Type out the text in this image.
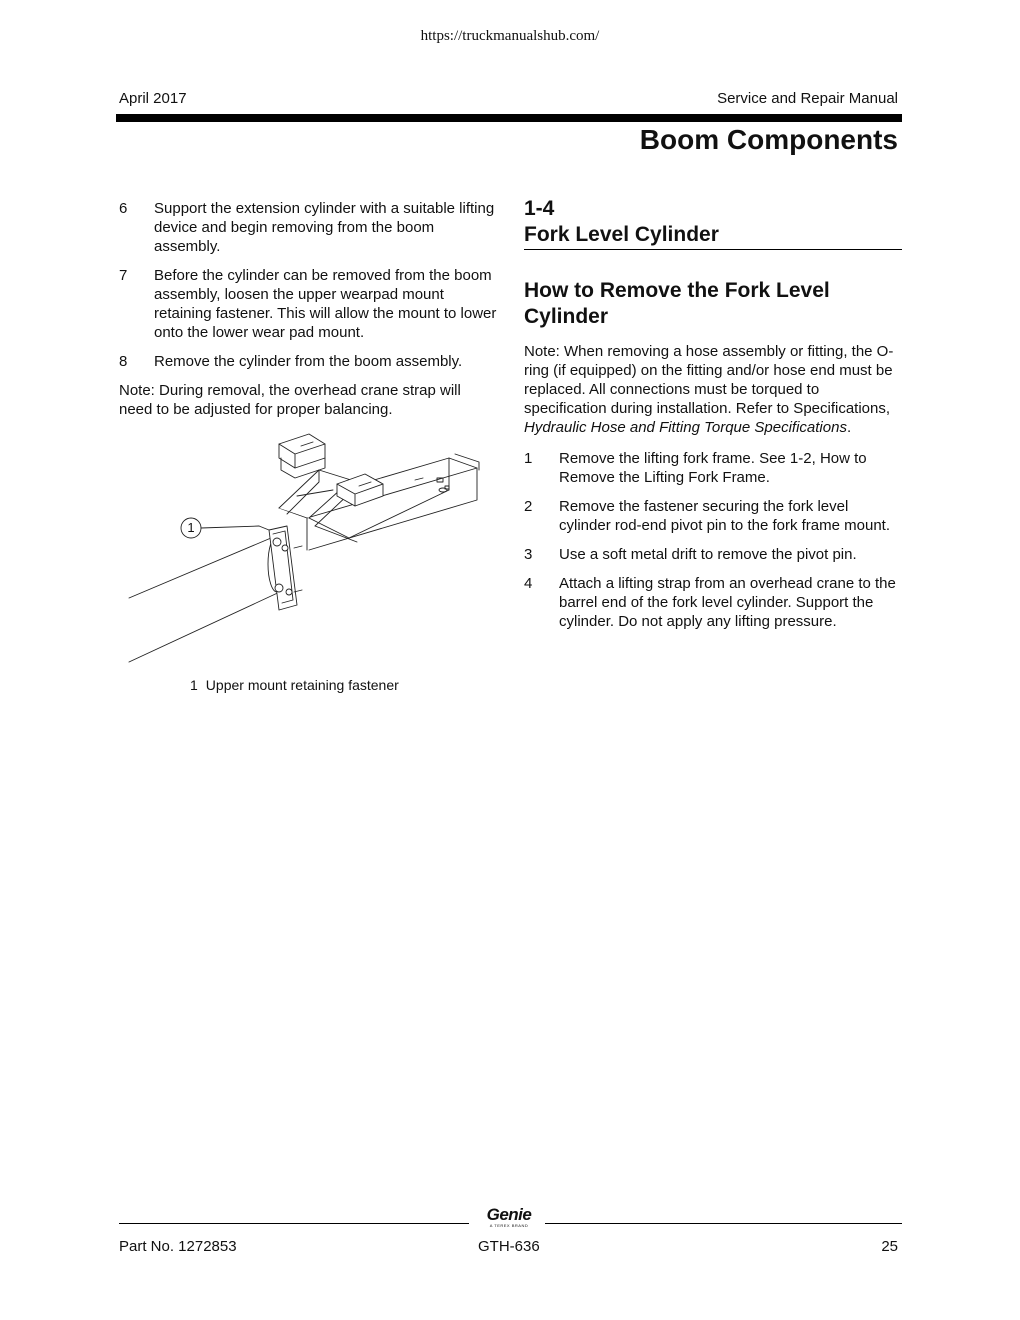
https://truckmanualshub.com/
April 2017	Service and Repair Manual
Boom Components
6	Support the extension cylinder with a suitable lifting device and begin removing from the boom assembly.
7	Before the cylinder can be removed from the boom assembly, loosen the upper wearpad mount retaining fastener. This will allow the mount to lower onto the lower wear pad mount.
8	Remove the cylinder from the boom assembly.

Note: During removal, the overhead crane strap will need to be adjusted for proper balancing.

1
1 Upper mount retaining fastener
1-4
Fork Level Cylinder
How to Remove the Fork Level Cylinder

Note: When removing a hose assembly or fitting, the O-ring (if equipped) on the fitting and/or hose end must be replaced. All connections must be torqued to specification during installation. Refer to Specifications, Hydraulic Hose and Fitting Torque Specifications.

1	Remove the lifting fork frame. See 1-2, How to Remove the Lifting Fork Frame.
2	Remove the fastener securing the fork level cylinder rod-end pivot pin to the fork frame mount.
3	Use a soft metal drift to remove the pivot pin.
4	Attach a lifting strap from an overhead crane to the barrel end of the fork level cylinder. Support the cylinder. Do not apply any lifting pressure.
Genie
A TEREX BRAND
Part No. 1272853	GTH-636	25
